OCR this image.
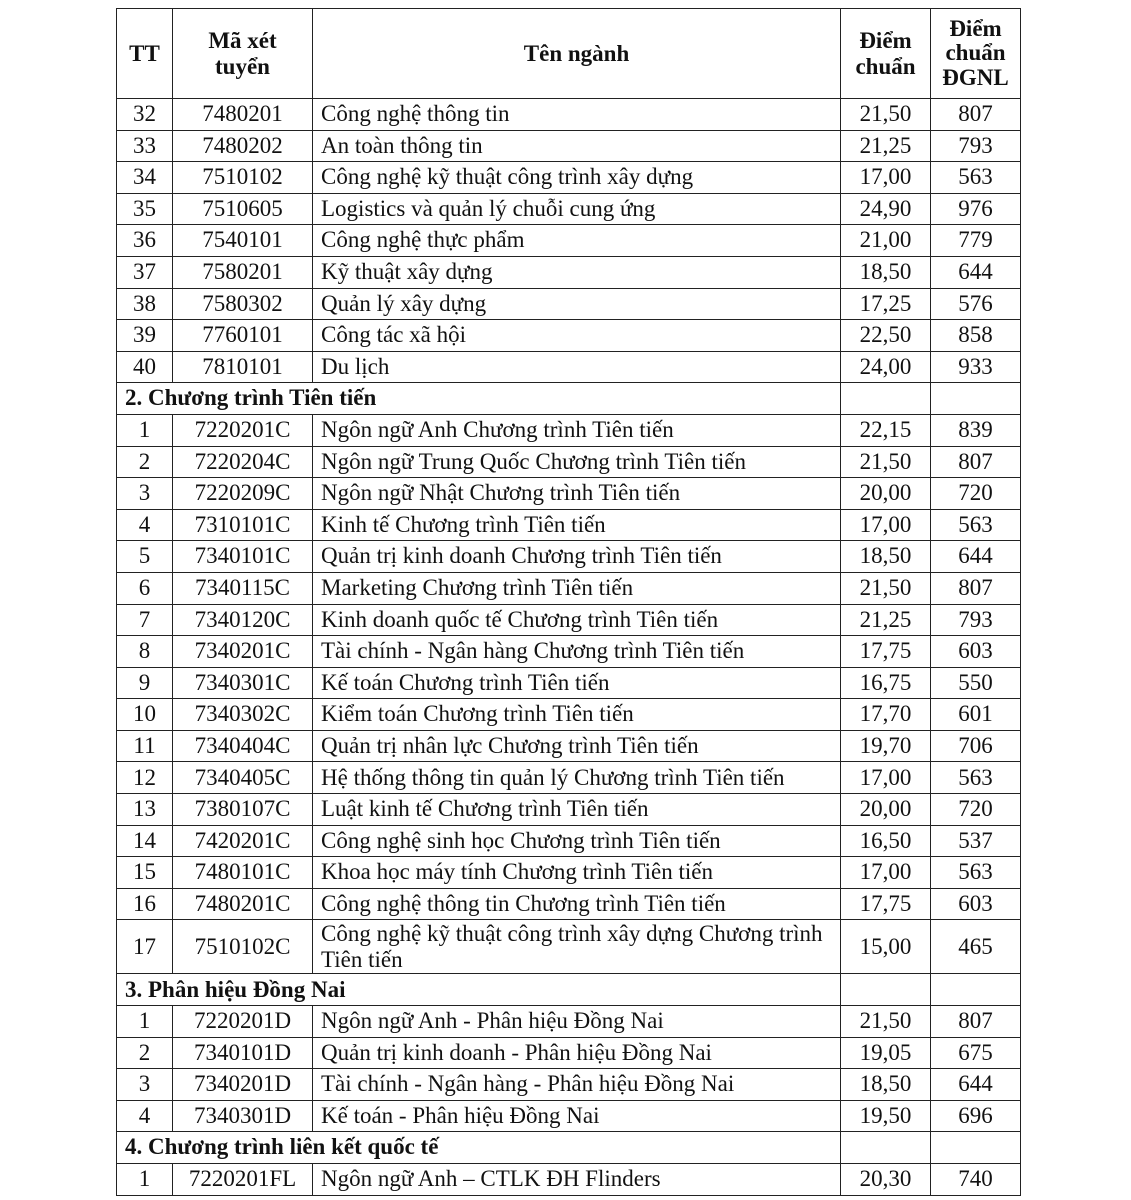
TT	Mã xét tuyển	Tên ngành	Điểm chuẩn	Điểm chuẩn ĐGNL
32	7480201	Công nghệ thông tin	21,50	807
33	7480202	An toàn thông tin	21,25	793
34	7510102	Công nghệ kỹ thuật công trình xây dựng	17,00	563
35	7510605	Logistics và quản lý chuỗi cung ứng	24,90	976
36	7540101	Công nghệ thực phẩm	21,00	779
37	7580201	Kỹ thuật xây dựng	18,50	644
38	7580302	Quản lý xây dựng	17,25	576
39	7760101	Công tác xã hội	22,50	858
40	7810101	Du lịch	24,00	933
2. Chương trình Tiên tiến				
1	7220201C	Ngôn ngữ Anh Chương trình Tiên tiến	22,15	839
2	7220204C	Ngôn ngữ Trung Quốc Chương trình Tiên tiến	21,50	807
3	7220209C	Ngôn ngữ Nhật Chương trình Tiên tiến	20,00	720
4	7310101C	Kinh tế Chương trình Tiên tiến	17,00	563
5	7340101C	Quản trị kinh doanh Chương trình Tiên tiến	18,50	644
6	7340115C	Marketing Chương trình Tiên tiến	21,50	807
7	7340120C	Kinh doanh quốc tế Chương trình Tiên tiến	21,25	793
8	7340201C	Tài chính - Ngân hàng Chương trình Tiên tiến	17,75	603
9	7340301C	Kế toán Chương trình Tiên tiến	16,75	550
10	7340302C	Kiểm toán Chương trình Tiên tiến	17,70	601
11	7340404C	Quản trị nhân lực Chương trình Tiên tiến	19,70	706
12	7340405C	Hệ thống thông tin quản lý Chương trình Tiên tiến	17,00	563
13	7380107C	Luật kinh tế Chương trình Tiên tiến	20,00	720
14	7420201C	Công nghệ sinh học Chương trình Tiên tiến	16,50	537
15	7480101C	Khoa học máy tính Chương trình Tiên tiến	17,00	563
16	7480201C	Công nghệ thông tin Chương trình Tiên tiến	17,75	603
17	7510102C	Công nghệ kỹ thuật công trình xây dựng Chương trình Tiên tiến	15,00	465
3. Phân hiệu Đồng Nai				
1	7220201D	Ngôn ngữ Anh - Phân hiệu Đồng Nai	21,50	807
2	7340101D	Quản trị kinh doanh - Phân hiệu Đồng Nai	19,05	675
3	7340201D	Tài chính - Ngân hàng - Phân hiệu Đồng Nai	18,50	644
4	7340301D	Kế toán - Phân hiệu Đồng Nai	19,50	696
4. Chương trình liên kết quốc tế				
1	7220201FL	Ngôn ngữ Anh – CTLK ĐH Flinders	20,30	740
